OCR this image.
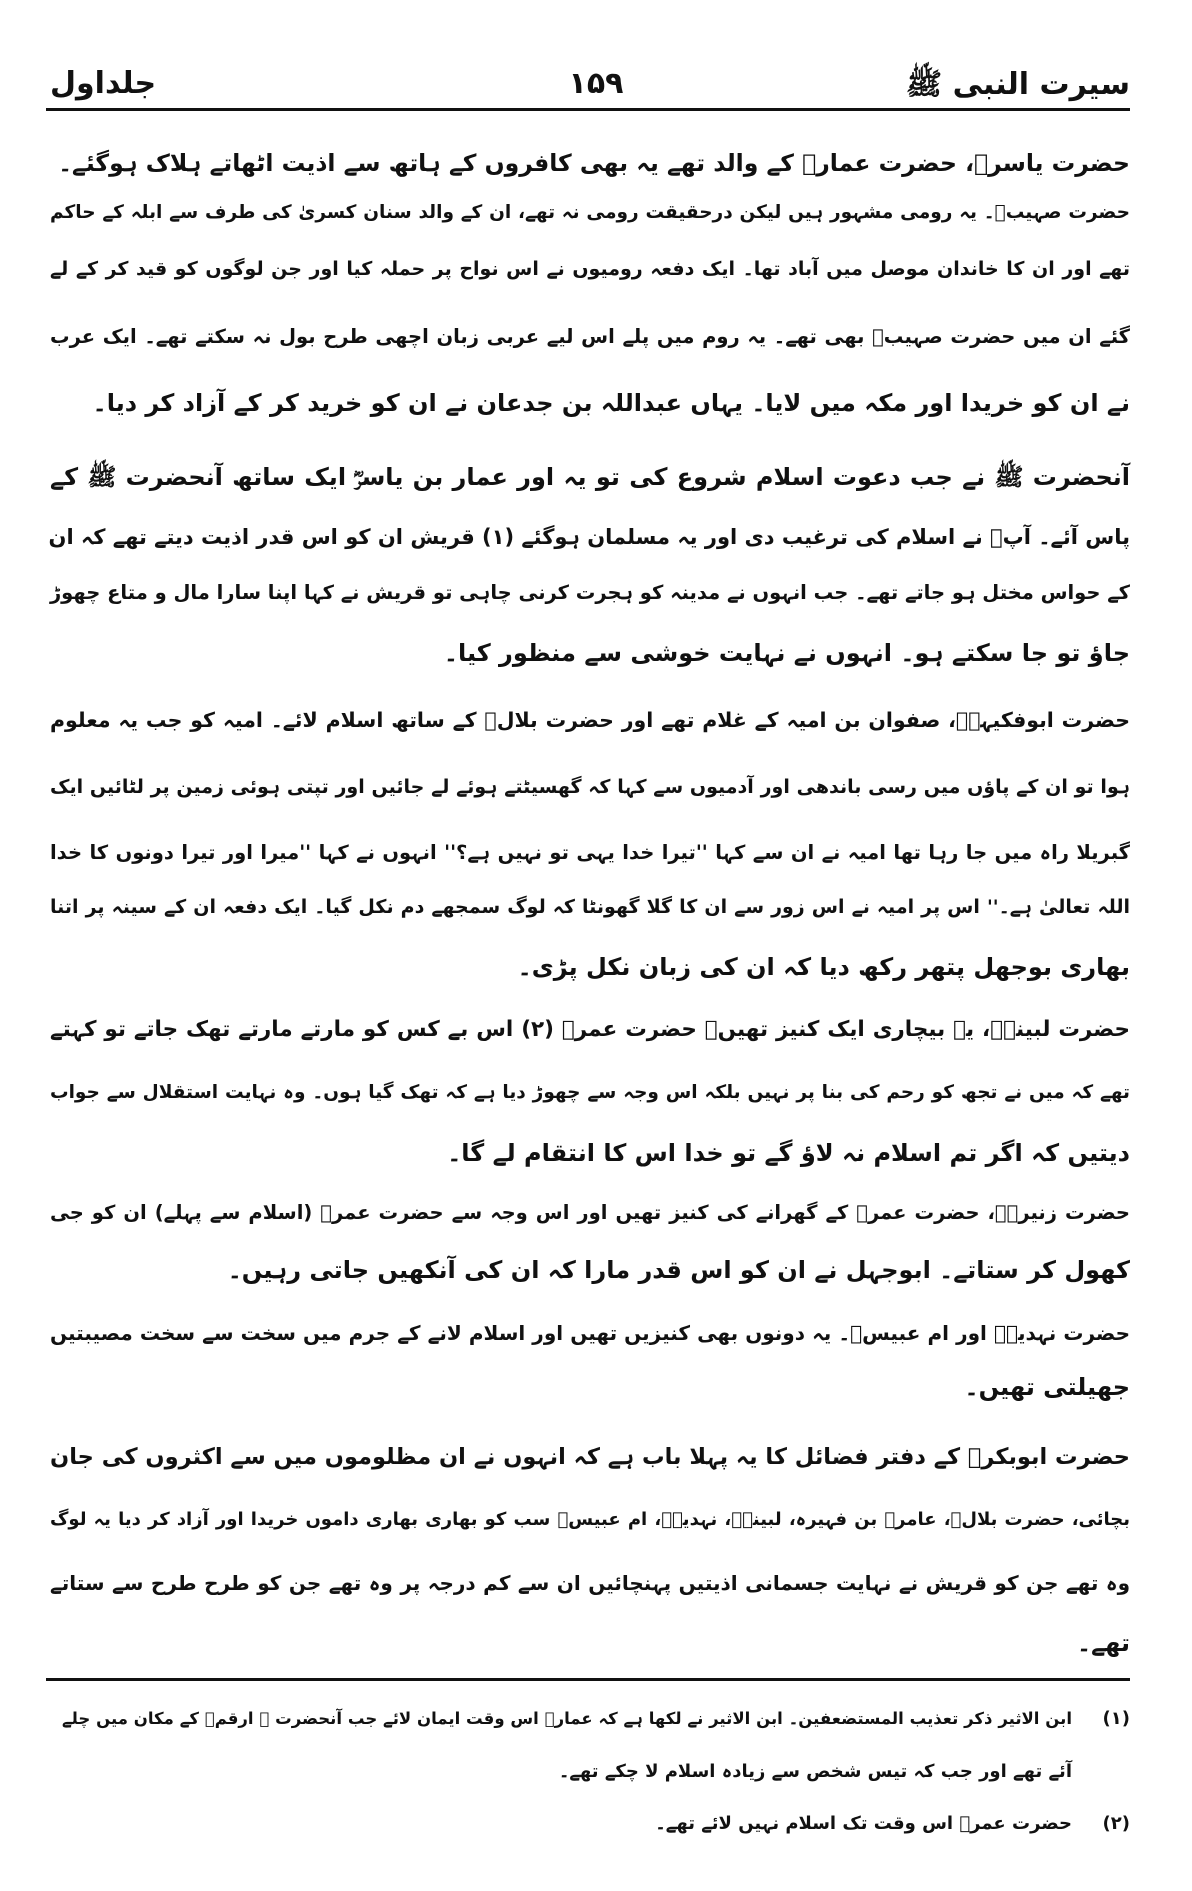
سیرت النبی ﷺ
۱۵۹
جلداول
حضرت یاسرؓ، حضرت عمارؓ کے والد تھے یہ بھی کافروں کے ہاتھ سے اذیت اٹھاتے ہلاک ہوگئے۔
حضرت صہیبؓ۔ یہ رومی مشہور ہیں لیکن درحقیقت رومی نہ تھے، ان کے والد سنان کسریٰ کی طرف سے ابلہ کے حاکم
تھے اور ان کا خاندان موصل میں آباد تھا۔ ایک دفعہ رومیوں نے اس نواح پر حملہ کیا اور جن لوگوں کو قید کر کے لے
گئے ان میں حضرت صہیبؓ بھی تھے۔ یہ روم میں پلے اس لیے عربی زبان اچھی طرح بول نہ سکتے تھے۔ ایک عرب
نے ان کو خریدا اور مکہ میں لایا۔ یہاں عبداللہ بن جدعان نے ان کو خرید کر کے آزاد کر دیا۔
آنحضرت ﷺ نے جب دعوت اسلام شروع کی تو یہ اور عمار بن یاسرؓ ایک ساتھ آنحضرت ﷺ کے
پاس آئے۔ آپؐ نے اسلام کی ترغیب دی اور یہ مسلمان ہوگئے (۱) قریش ان کو اس قدر اذیت دیتے تھے کہ ان
کے حواس مختل ہو جاتے تھے۔ جب انہوں نے مدینہ کو ہجرت کرنی چاہی تو قریش نے کہا اپنا سارا مال و متاع چھوڑ
جاؤ تو جا سکتے ہو۔ انہوں نے نہایت خوشی سے منظور کیا۔
حضرت ابوفکیہہؓ، صفوان بن امیہ کے غلام تھے اور حضرت بلالؓ کے ساتھ اسلام لائے۔ امیہ کو جب یہ معلوم
ہوا تو ان کے پاؤں میں رسی باندھی اور آدمیوں سے کہا کہ گھسیٹتے ہوئے لے جائیں اور تپتی ہوئی زمین پر لٹائیں ایک
گبریلا راہ میں جا رہا تھا امیہ نے ان سے کہا ''تیرا خدا یہی تو نہیں ہے؟'' انہوں نے کہا ''میرا اور تیرا دونوں کا خدا
اللہ تعالیٰ ہے۔'' اس پر امیہ نے اس زور سے ان کا گلا گھونٹا کہ لوگ سمجھے دم نکل گیا۔ ایک دفعہ ان کے سینہ پر اتنا
بھاری بوجھل پتھر رکھ دیا کہ ان کی زبان نکل پڑی۔
حضرت لبینہؓ، یہ بیچاری ایک کنیز تھیں۔ حضرت عمرؓ (۲) اس بے کس کو مارتے مارتے تھک جاتے تو کہتے
تھے کہ میں نے تجھ کو رحم کی بنا پر نہیں بلکہ اس وجہ سے چھوڑ دیا ہے کہ تھک گیا ہوں۔ وہ نہایت استقلال سے جواب
دیتیں کہ اگر تم اسلام نہ لاؤ گے تو خدا اس کا انتقام لے گا۔
حضرت زنیرہؓ، حضرت عمرؓ کے گھرانے کی کنیز تھیں اور اس وجہ سے حضرت عمرؓ (اسلام سے پہلے) ان کو جی
کھول کر ستاتے۔ ابوجہل نے ان کو اس قدر مارا کہ ان کی آنکھیں جاتی رہیں۔
حضرت نہدیہؓ اور ام عبیسؓ۔ یہ دونوں بھی کنیزیں تھیں اور اسلام لانے کے جرم میں سخت سے سخت مصیبتیں
جھیلتی تھیں۔
حضرت ابوبکرؓ کے دفتر فضائل کا یہ پہلا باب ہے کہ انہوں نے ان مظلوموں میں سے اکثروں کی جان
بچائی، حضرت بلالؓ، عامرؓ بن فہیرہ، لبینہؓ، نہدیہؓ، ام عبیسؓ سب کو بھاری بھاری داموں خریدا اور آزاد کر دیا یہ لوگ
وہ تھے جن کو قریش نے نہایت جسمانی اذیتیں پہنچائیں ان سے کم درجہ پر وہ تھے جن کو طرح طرح سے ستاتے
تھے۔
(۱)
ابن الاثیر ذکر تعذیب المستضعفین۔ ابن الاثیر نے لکھا ہے کہ عمارؓ اس وقت ایمان لائے جب آنحضرت ﷺ ارقمؓ کے مکان میں چلے
آئے تھے اور جب کہ تیس شخص سے زیادہ اسلام لا چکے تھے۔
(۲)
حضرت عمرؓ اس وقت تک اسلام نہیں لائے تھے۔
